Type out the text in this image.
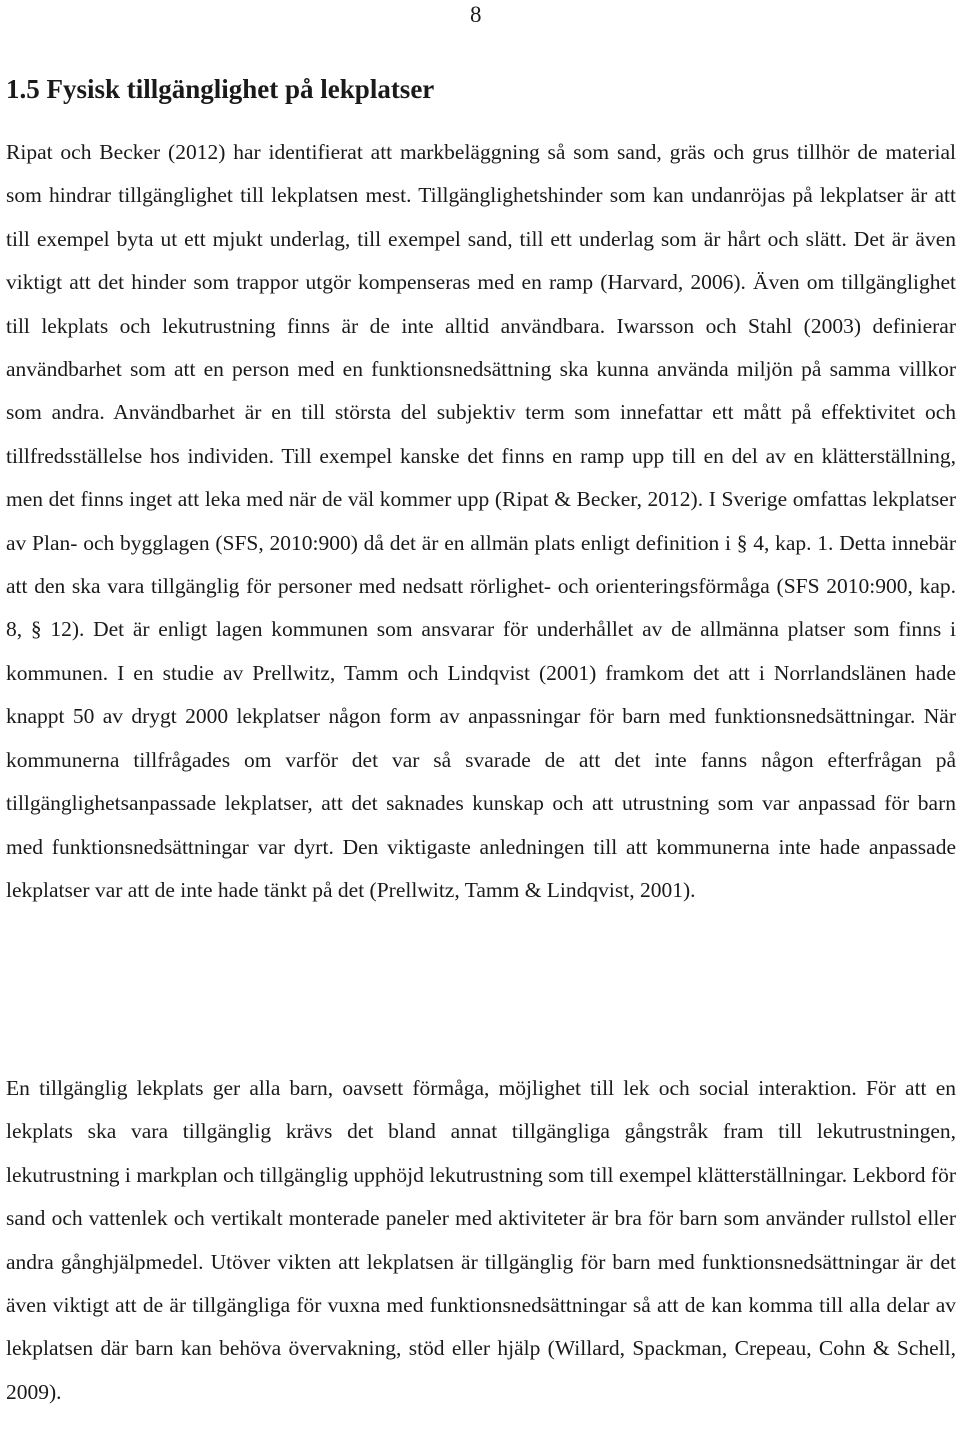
8
1.5 Fysisk tillgänglighet på lekplatser

Ripat och Becker (2012) har identifierat att markbeläggning så som sand, gräs och grus tillhör de material som hindrar tillgänglighet till lekplatsen mest. Tillgänglighetshinder som kan undanröjas på lekplatser är att till exempel byta ut ett mjukt underlag, till exempel sand, till ett underlag som är hårt och slätt. Det är även viktigt att det hinder som trappor utgör kompenseras med en ramp (Harvard, 2006). Även om tillgänglighet till lekplats och lekutrustning finns är de inte alltid användbara. Iwarsson och Stahl (2003) definierar användbarhet som att en person med en funktionsnedsättning ska kunna använda miljön på samma villkor som andra. Användbarhet är en till största del subjektiv term som innefattar ett mått på effektivitet och tillfredsställelse hos individen. Till exempel kanske det finns en ramp upp till en del av en klätterställning, men det finns inget att leka med när de väl kommer upp (Ripat & Becker, 2012). I Sverige omfattas lekplatser av Plan- och bygglagen (SFS, 2010:900) då det är en allmän plats enligt definition i § 4, kap. 1. Detta innebär att den ska vara tillgänglig för personer med nedsatt rörlighet- och orienteringsförmåga (SFS 2010:900, kap. 8, § 12). Det är enligt lagen kommunen som ansvarar för underhållet av de allmänna platser som finns i kommunen. I en studie av Prellwitz, Tamm och Lindqvist (2001) framkom det att i Norrlandslänen hade knappt 50 av drygt 2000 lekplatser någon form av anpassningar för barn med funktionsnedsättningar. När kommunerna tillfrågades om varför det var så svarade de att det inte fanns någon efterfrågan på tillgänglighetsanpassade lekplatser, att det saknades kunskap och att utrustning som var anpassad för barn med funktionsnedsättningar var dyrt. Den viktigaste anledningen till att kommunerna inte hade anpassade lekplatser var att de inte hade tänkt på det (Prellwitz, Tamm & Lindqvist, 2001).

En tillgänglig lekplats ger alla barn, oavsett förmåga, möjlighet till lek och social interaktion. För att en lekplats ska vara tillgänglig krävs det bland annat tillgängliga gångstråk fram till lekutrustningen, lekutrustning i markplan och tillgänglig upphöjd lekutrustning som till exempel klätterställningar. Lekbord för sand och vattenlek och vertikalt monterade paneler med aktiviteter är bra för barn som använder rullstol eller andra gånghjälpmedel. Utöver vikten att lekplatsen är tillgänglig för barn med funktionsnedsättningar är det även viktigt att de är tillgängliga för vuxna med funktionsnedsättningar så att de kan komma till alla delar av lekplatsen där barn kan behöva övervakning, stöd eller hjälp (Willard, Spackman, Crepeau, Cohn & Schell, 2009).
